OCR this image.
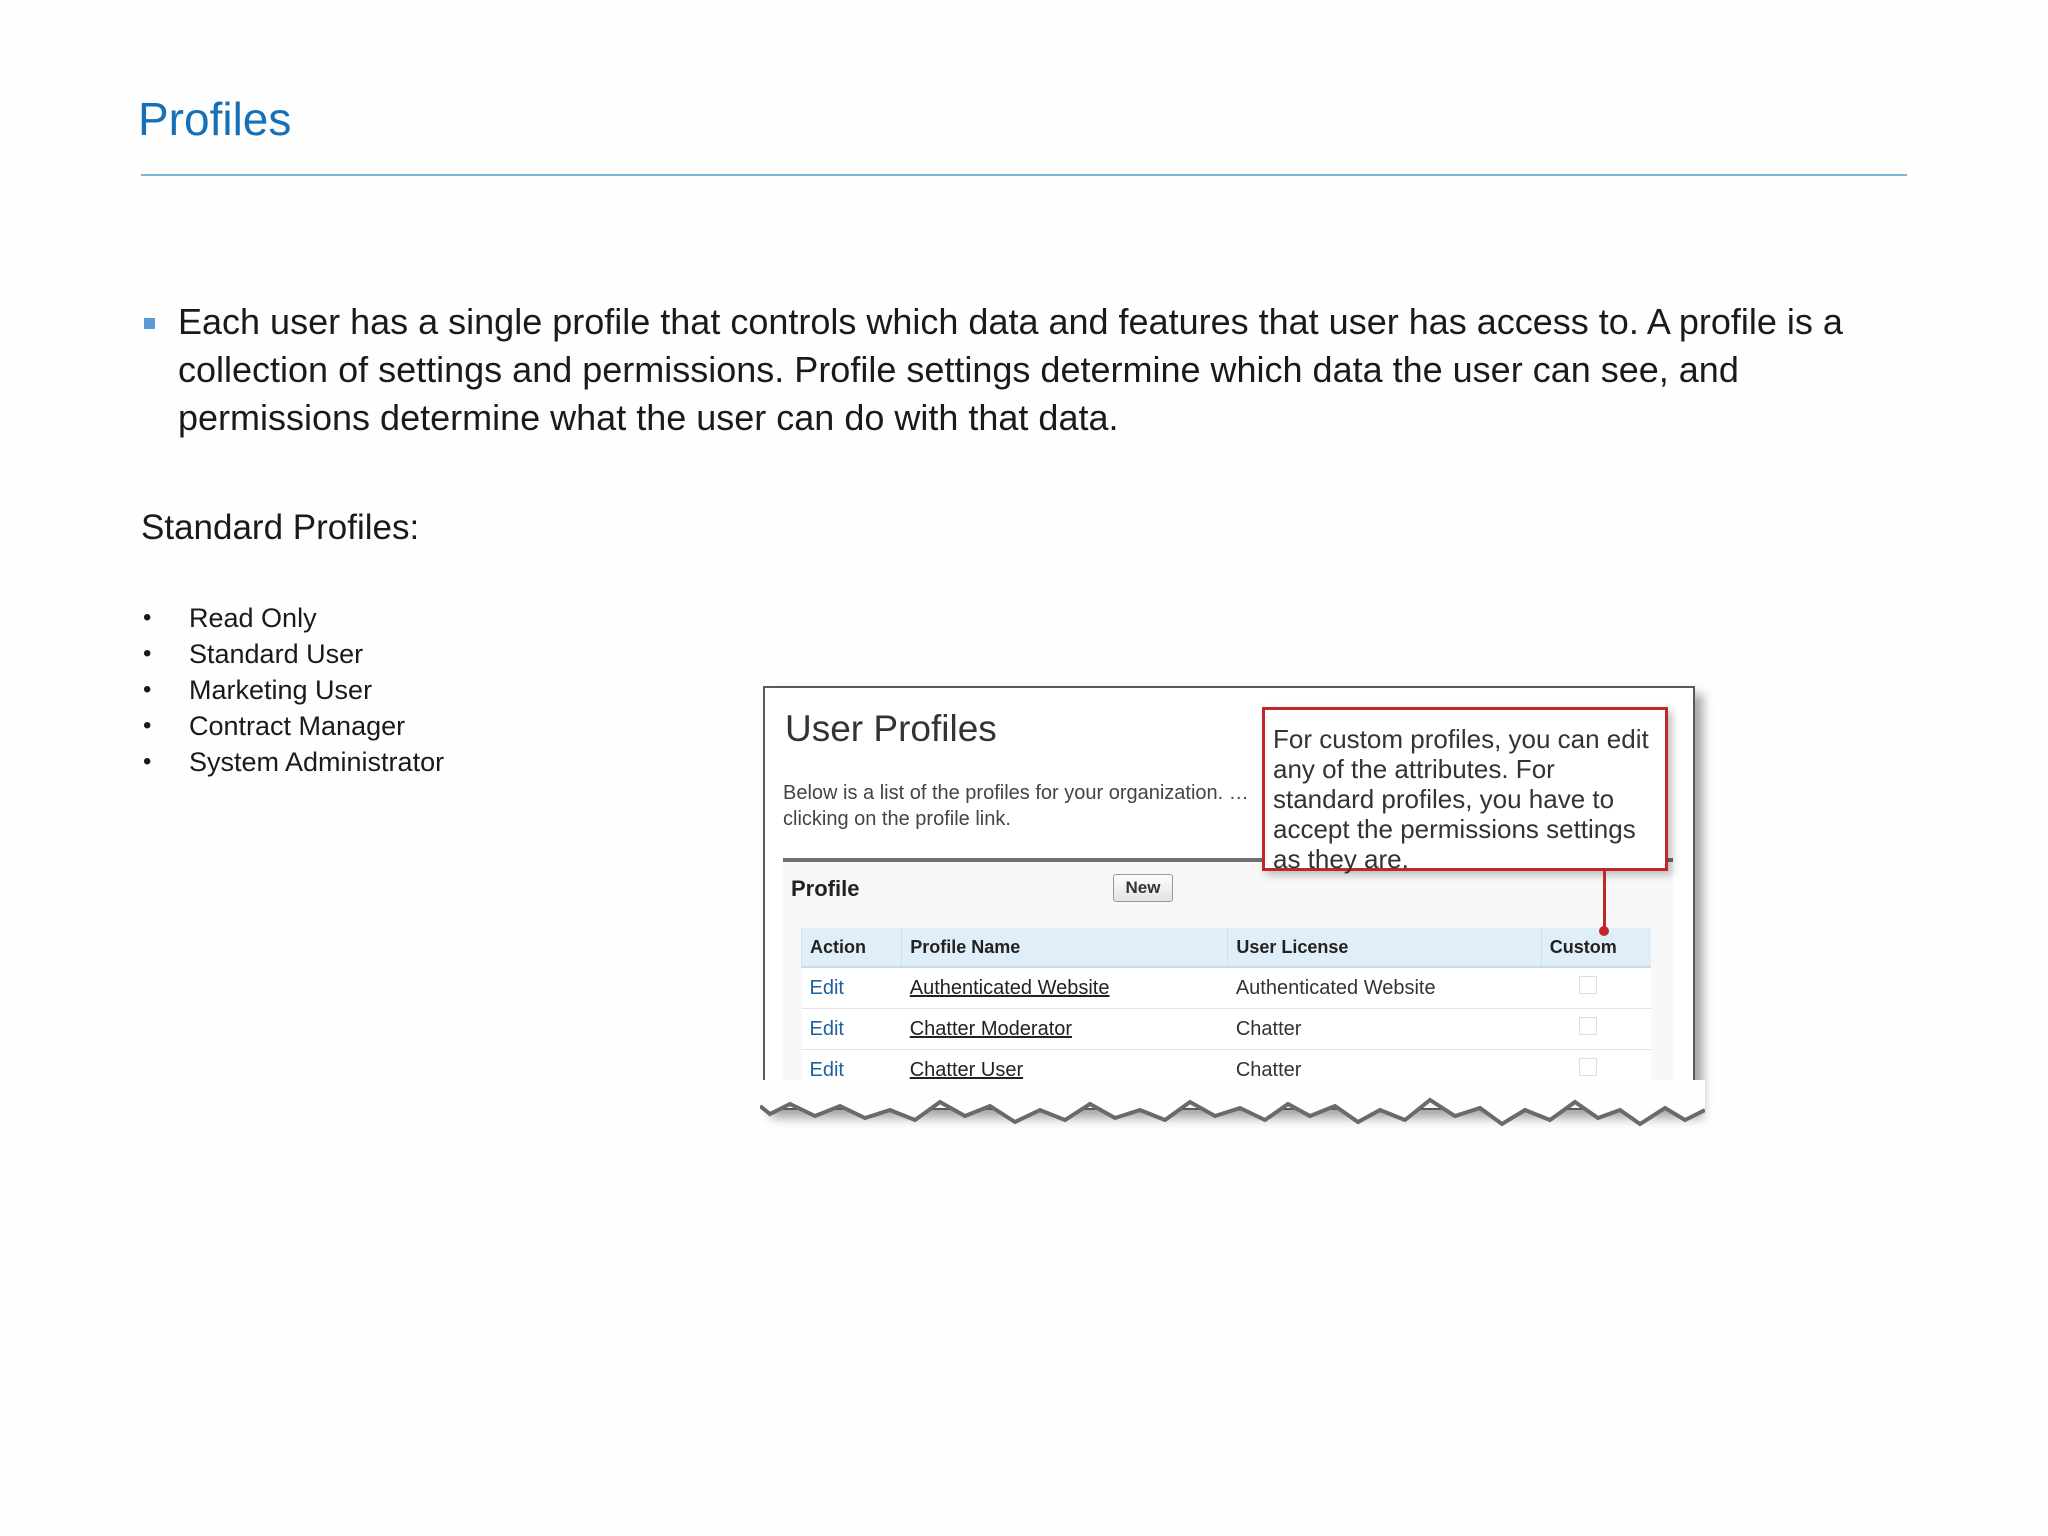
Profiles

Each user has a single profile that controls which data and features that user has access to. A profile is a collection of settings and permissions. Profile settings determine which data the user can see, and permissions determine what the user can do with that data.

Standard Profiles:
• Read Only
• Standard User
• Marketing User
• Contract Manager
• System Administrator
User Profiles
Below is a list of the profiles for your organization. … clicking on the profile link.
Profile	New
Action	Profile Name	User License	Custom
Edit	Authenticated Website	Authenticated Website	
Edit	Chatter Moderator	Chatter	
Edit	Chatter User	Chatter	

For custom profiles, you can edit any of the attributes. For standard profiles, you have to accept the permissions settings as they are.
